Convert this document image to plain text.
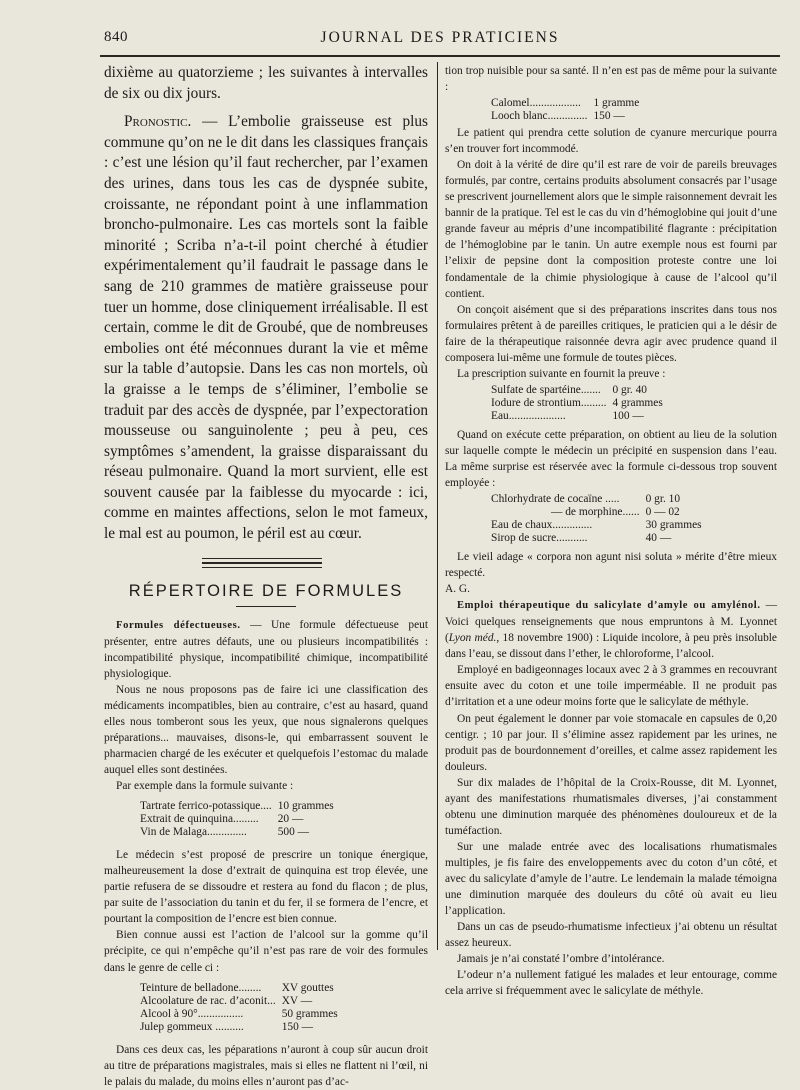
840	JOURNAL DES PRATICIENS

dixième au quatorzieme ; les suivantes à intervalles de six ou dix jours.

Pronostic. — L’embolie graisseuse est plus commune qu’on ne le dit dans les classiques français : c’est une lésion qu’il faut rechercher, par l’examen des urines, dans tous les cas de dyspnée subite, croissante, ne répondant point à une inflammation broncho-pulmonaire. Les cas mortels sont la faible minorité ; Scriba n’a-t-il point cherché à étudier expérimentalement qu’il faudrait le passage dans le sang de 210 grammes de matière graisseuse pour tuer un homme, dose cliniquement irréalisable. Il est certain, comme le dit de Groubé, que de nombreuses embolies ont été méconnues durant la vie et même sur la table d’autopsie. Dans les cas non mortels, où la graisse a le temps de s’éliminer, l’embolie se traduit par des accès de dyspnée, par l’expectoration mousseuse ou sanguinolente ; peu à peu, ces symptômes s’amendent, la graisse disparaissant du réseau pulmonaire. Quand la mort survient, elle est souvent causée par la faiblesse du myocarde : ici, comme en maintes affections, selon le mot fameux, le mal est au poumon, le péril est au cœur.

RÉPERTOIRE DE FORMULES

Formules défectueuses. — Une formule défectueuse peut présenter, entre autres défauts, une ou plusieurs incompatibilités : incompatibilité physique, incompatibilité chimique, incompatibilité physiologique.

Nous ne nous proposons pas de faire ici une classification des médicaments incompatibles, bien au contraire, c’est au hasard, quand elles nous tomberont sous les yeux, que nous signalerons quelques préparations... mauvaises, disons-le, qui embarrassent souvent le pharmacien chargé de les exécuter et quelquefois l’estomac du malade auquel elles sont destinées.

Par exemple dans la formule suivante :

Tartrate ferrico-potassique....	10 grammes
Extrait de quinquina.........	20 —
Vin de Malaga..............	500 —

Le médecin s’est proposé de prescrire un tonique énergique, malheureusement la dose d’extrait de quinquina est trop élevée, une partie refusera de se dissoudre et restera au fond du flacon ; de plus, par suite de l’association du tanin et du fer, il se formera de l’encre, et pourtant la composition de l’encre est bien connue.

Bien connue aussi est l’action de l’alcool sur la gomme qu’il précipite, ce qui n’empêche qu’il n’est pas rare de voir des formules dans le genre de celle ci :

Teinture de belladone........	XV gouttes
Alcoolature de rac. d’aconit...	XV —
Alcool à 90°................	50 grammes
Julep gommeux ..........	150 —

Dans ces deux cas, les péparations n’auront à coup sûr aucun droit au titre de préparations magistrales, mais si elles ne flattent ni l’œil, ni le palais du malade, du moins elles n’auront pas d’ac-

tion trop nuisible pour sa santé. Il n’en est pas de même pour la suivante :

Calomel..................	1 gramme
Looch blanc..............	150 —

Le patient qui prendra cette solution de cyanure mercurique pourra s’en trouver fort incommodé.

On doit à la vérité de dire qu’il est rare de voir de pareils breuvages formulés, par contre, certains produits absolument consacrés par l’usage se prescrivent journellement alors que le simple raisonnement devrait les bannir de la pratique. Tel est le cas du vin d’hémoglobine qui jouit d’une grande faveur au mépris d’une incompatibilité flagrante : précipitation de l’hémoglobine par le tanin. Un autre exemple nous est fourni par l’elixir de pepsine dont la composition proteste contre une loi fondamentale de la chimie physiologique à cause de l’alcool qu’il contient.

On conçoit aisément que si des préparations inscrites dans tous nos formulaires prêtent à de pareilles critiques, le praticien qui a le désir de faire de la thérapeutique raisonnée devra agir avec prudence quand il composera lui-même une formule de toutes pièces.

La prescription suivante en fournit la preuve :

Sulfate de spartéine.......	0 gr. 40
Iodure de strontium.........	4 grammes
Eau....................	100 —

Quand on exécute cette préparation, on obtient au lieu de la solution sur laquelle compte le médecin un précipité en suspension dans l’eau. La même surprise est réservée avec la formule ci-dessous trop souvent employée :

Chlorhydrate de cocaïne .....	0 gr. 10
— de morphine......	0 — 02
Eau de chaux..............	30 grammes
Sirop de sucre...........	40 —

Le vieil adage « corpora non agunt nisi soluta » mérite d’être mieux respecté.

A. G.

Emploi thérapeutique du salicylate d’amyle ou amylénol. — Voici quelques renseignements que nous empruntons à M. Lyonnet (Lyon méd., 18 novembre 1900) : Liquide incolore, à peu près insoluble dans l’eau, se dissout dans l’ether, le chloroforme, l’alcool.

Employé en badigeonnages locaux avec 2 à 3 grammes en recouvrant ensuite avec du coton et une toile imperméable. Il ne produit pas d’irritation et a une odeur moins forte que le salicylate de méthyle.

On peut également le donner par voie stomacale en capsules de 0,20 centigr. ; 10 par jour. Il s’élimine assez rapidement par les urines, ne produit pas de bourdonnement d’oreilles, et calme assez rapidement les douleurs.

Sur dix malades de l’hôpital de la Croix-Rousse, dit M. Lyonnet, ayant des manifestations rhumatismales diverses, j’ai constamment obtenu une diminution marquée des phénomènes douloureux et de la tuméfaction.

Sur une malade entrée avec des localisations rhumatismales multiples, je fis faire des enveloppements avec du coton d’un côté, et avec du salicylate d’amyle de l’autre. Le lendemain la malade témoigna une diminution marquée des douleurs du côté où avait eu lieu l’application.

Dans un cas de pseudo-rhumatisme infectieux j’ai obtenu un résultat assez heureux.

Jamais je n’ai constaté l’ombre d’intolérance.

L’odeur n’a nullement fatigué les malades et leur entourage, comme cela arrive si fréquemment avec le salicylate de méthyle.
